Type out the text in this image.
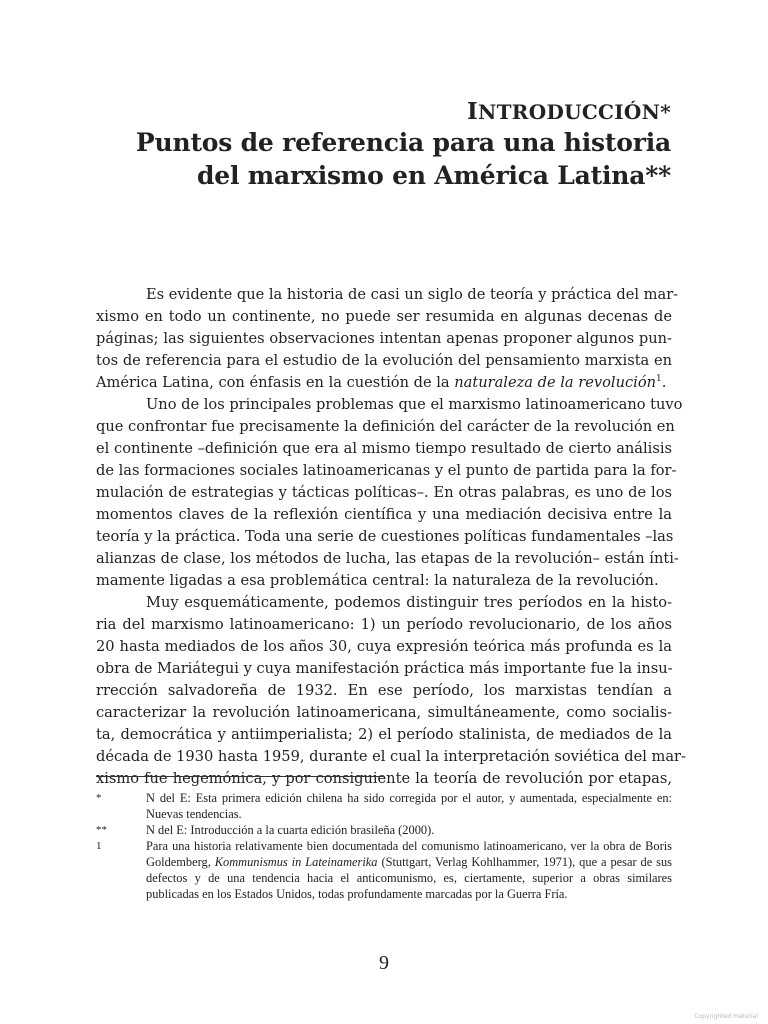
INTRODUCCIÓN*
Puntos de referencia para una historia
del marxismo en América Latina**
Es evidente que la historia de casi un siglo de teoría y práctica del mar-
xismo en todo un continente, no puede ser resumida en algunas decenas de
páginas; las siguientes observaciones intentan apenas proponer algunos pun-
tos de referencia para el estudio de la evolución del pensamiento marxista en
América Latina, con énfasis en la cuestión de la naturaleza de la revolución$^1$.
Uno de los principales problemas que el marxismo latinoamericano tuvo
que confrontar fue precisamente la definición del carácter de la revolución en
el continente –definición que era al mismo tiempo resultado de cierto análisis
de las formaciones sociales latinoamericanas y el punto de partida para la for-
mulación de estrategias y tácticas políticas–. En otras palabras, es uno de los
momentos claves de la reflexión científica y una mediación decisiva entre la
teoría y la práctica. Toda una serie de cuestiones políticas fundamentales –las
alianzas de clase, los métodos de lucha, las etapas de la revolución– están ínti-
mamente ligadas a esa problemática central: la naturaleza de la revolución.
Muy esquemáticamente, podemos distinguir tres períodos en la histo-
ria del marxismo latinoamericano: 1) un período revolucionario, de los años
20 hasta mediados de los años 30, cuya expresión teórica más profunda es la
obra de Mariátegui y cuya manifestación práctica más importante fue la insu-
rrección salvadoreña de 1932. En ese período, los marxistas tendían a
caracterizar la revolución latinoamericana, simultáneamente, como socialis-
ta, democrática y antiimperialista; 2) el período stalinista, de mediados de la
década de 1930 hasta 1959, durante el cual la interpretación soviética del mar-
xismo fue hegemónica, y por consiguiente la teoría de revolución por etapas,
*	N del E: Esta primera edición chilena ha sido corregida por el autor, y aumentada, especialmente en: Nuevas tendencias.
**	N del E: Introducción a la cuarta edición brasileña (2000).
1	Para una historia relativamente bien documentada del comunismo latinoamericano, ver la obra de Boris Goldemberg, Kommunismus in Lateinamerika (Stuttgart, Verlag Kohlhammer, 1971), que a pesar de sus defectos y de una tendencia hacia el anticomunismo, es, ciertamente, superior a obras similares publicadas en los Estados Unidos, todas profundamente marcadas por la Guerra Fría.
9
Copyrighted material
